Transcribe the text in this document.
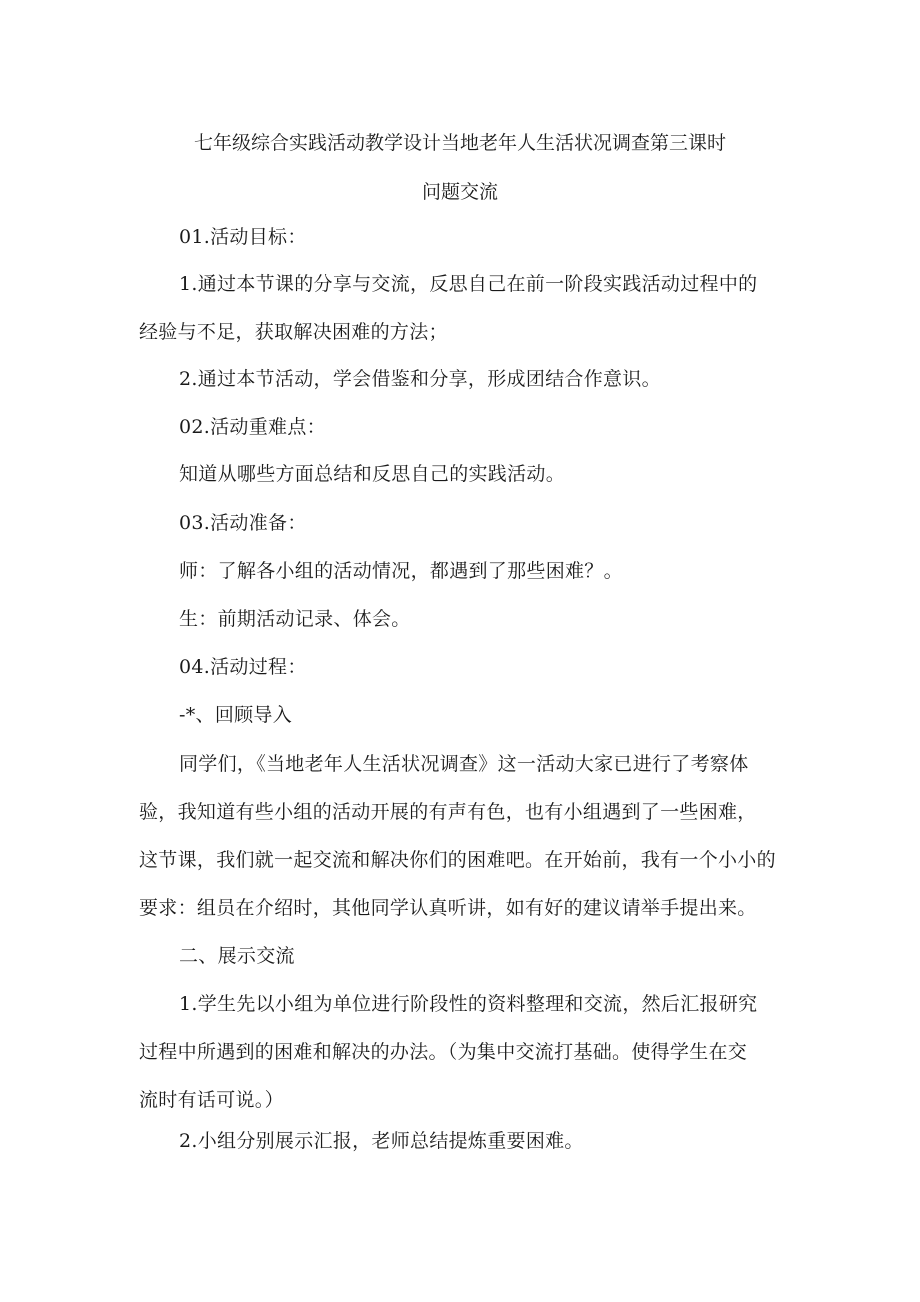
七年级综合实践活动教学设计当地老年人生活状况调查第三课时
问题交流
01.活动目标：
1.通过本节课的分享与交流，反思自己在前一阶段实践活动过程中的
经验与不足，获取解决困难的方法；
2.通过本节活动，学会借鉴和分享，形成团结合作意识。
02.活动重难点：
知道从哪些方面总结和反思自己的实践活动。
03.活动准备：
师：了解各小组的活动情况，都遇到了那些困难？。
生：前期活动记录、体会。
04.活动过程：
-*、回顾导入
同学们，《当地老年人生活状况调查》这一活动大家已进行了考察体
验，我知道有些小组的活动开展的有声有色，也有小组遇到了一些困难，
这节课，我们就一起交流和解决你们的困难吧。在开始前，我有一个小小的
要求：组员在介绍时，其他同学认真听讲，如有好的建议请举手提出来。
二、展示交流
1.学生先以小组为单位进行阶段性的资料整理和交流，然后汇报研究
过程中所遇到的困难和解决的办法。（为集中交流打基础。使得学生在交
流时有话可说。）
2.小组分别展示汇报，老师总结提炼重要困难。
